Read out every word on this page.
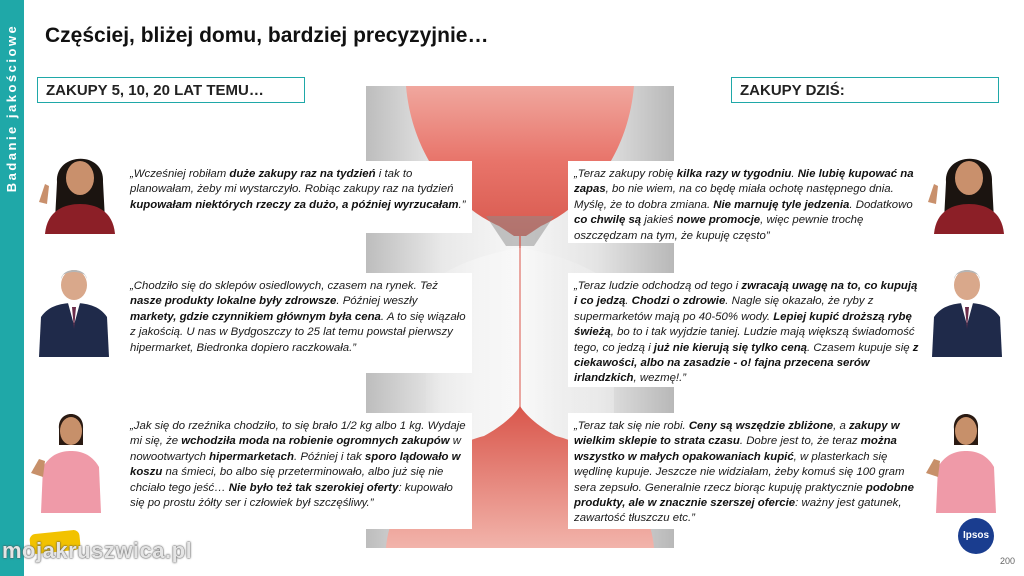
Badanie jakościowe Częściej, bliżej domu, bardziej precyzyjnie…
ZAKUPY 5, 10, 20 LAT TEMU…	ZAKUPY DZIŚ:
„Wcześniej robiłam duże zakupy raz na tydzień i tak to planowałam, żeby mi wystarczyło. Robiąc zakupy raz na tydzień kupowałam niektórych rzeczy za dużo, a później wyrzucałam.”
„Chodziło się do sklepów osiedlowych, czasem na rynek. Też nasze produkty lokalne były zdrowsze. Później weszły markety, gdzie czynnikiem głównym była cena. A to się wiązało z jakością. U nas w Bydgoszczy to 25 lat temu powstał pierwszy hipermarket, Biedronka dopiero raczkowała.”
„Jak się do rzeźnika chodziło, to się brało 1/2 kg albo 1 kg. Wydaje mi się, że wchodziła moda na robienie ogromnych zakupów w nowootwartych hipermarketach. Później i tak sporo lądowało w koszu na śmieci, bo albo się przeterminowało, albo już się nie chciało tego jeść… Nie było też tak szerokiej oferty: kupowało się po prostu żółty ser i człowiek był szczęśliwy.”
„Teraz zakupy robię kilka razy w tygodniu. Nie lubię kupować na zapas, bo nie wiem, na co będę miała ochotę następnego dnia. Myślę, że to dobra zmiana. Nie marnuję tyle jedzenia. Dodatkowo co chwilę są jakieś nowe promocje, więc pewnie trochę oszczędzam na tym, że kupuję często”
„Teraz ludzie odchodzą od tego i zwracają uwagę na to, co kupują i co jedzą. Chodzi o zdrowie. Nagle się okazało, że ryby z supermarketów mają po 40-50% wody. Lepiej kupić droższą rybę świeżą, bo to i tak wyjdzie taniej. Ludzie mają większą świadomość tego, co jedzą i już nie kierują się tylko ceną. Czasem kupuje się z ciekawości, albo na zasadzie - o! fajna przecena serów irlandzkich, wezmę!.”
„Teraz tak się nie robi. Ceny są wszędzie zbliżone, a zakupy w wielkim sklepie to strata czasu. Dobre jest to, że teraz można wszystko w małych opakowaniach kupić, w plasterkach się wędlinę kupuje. Jeszcze nie widziałam, żeby komuś się 100 gram sera zepsuło. Generalnie rzecz biorąc kupuję praktycznie podobne produkty, ale w znacznie szerszej ofercie: ważny jest gatunek, zawartość tłuszczu etc.”
Ipsos
200
mojakruszwica.pl
